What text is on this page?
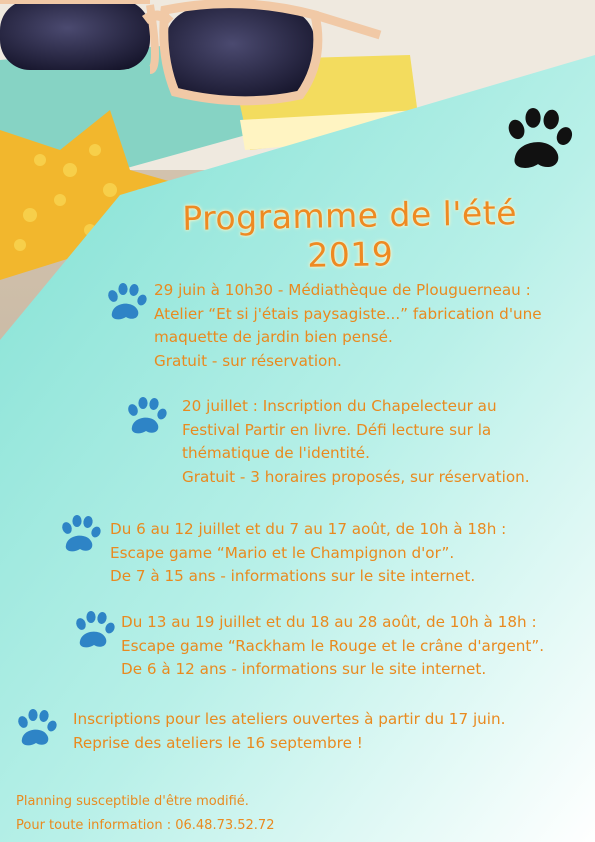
Programme de l'été 2019

29 juin à 10h30 - Médiathèque de Plouguerneau :

Atelier “Et si j'étais paysagiste...” fabrication d'une

maquette de jardin bien pensé.

Gratuit - sur réservation.

20 juillet : Inscription du Chapelecteur au

Festival Partir en livre. Défi lecture sur la

thématique de l'identité.

Gratuit - 3 horaires proposés, sur réservation.

Du 6 au 12 juillet et du 7 au 17 août, de 10h à 18h :

Escape game “Mario et le Champignon d'or”.

De 7 à 15 ans - informations sur le site internet.

Du 13 au 19 juillet et du 18 au 28 août, de 10h à 18h :

Escape game “Rackham le Rouge et le crâne d'argent”.

De 6 à 12 ans - informations sur le site internet.

Inscriptions pour les ateliers ouvertes à partir du 17 juin.

Reprise des ateliers le 16 septembre !

Planning susceptible d'être modifié.
Pour toute information : 06.48.73.52.72
